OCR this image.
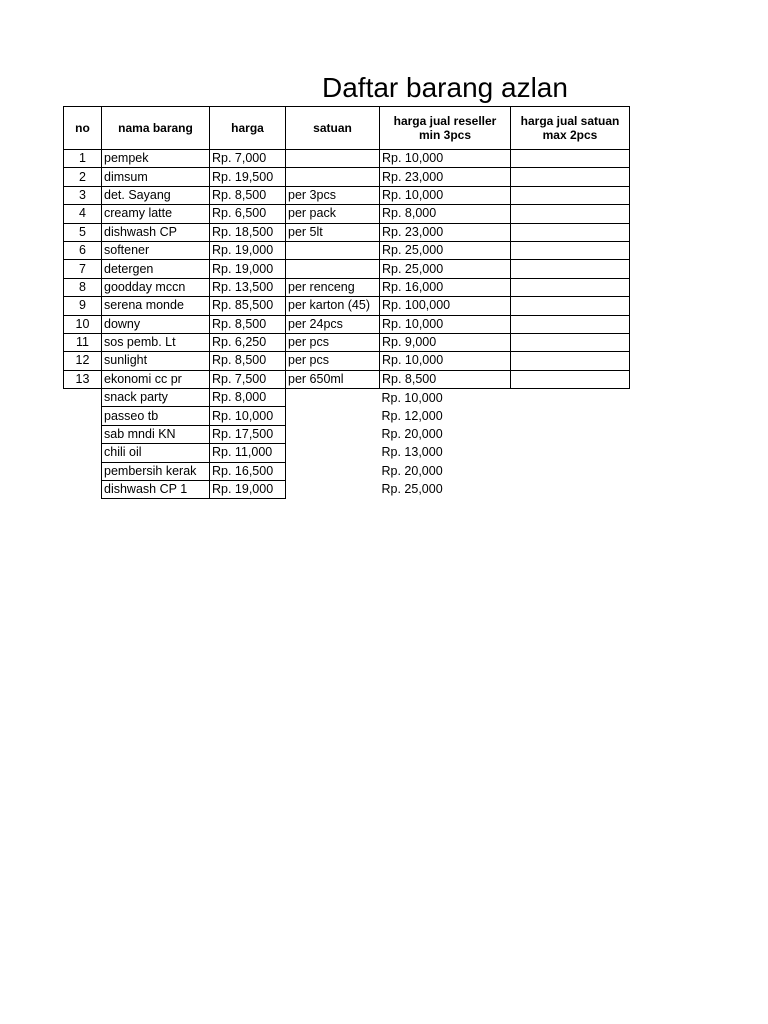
Daftar barang azlan
no	nama barang	harga	satuan	harga jual reseller min 3pcs	harga jual satuan max 2pcs
1	pempek	Rp. 7,000		Rp. 10,000	
2	dimsum	Rp. 19,500		Rp. 23,000	
3	det. Sayang	Rp. 8,500	per 3pcs	Rp. 10,000	
4	creamy latte	Rp. 6,500	per pack	Rp. 8,000	
5	dishwash CP	Rp. 18,500	per 5lt	Rp. 23,000	
6	softener	Rp. 19,000		Rp. 25,000	
7	detergen	Rp. 19,000		Rp. 25,000	
8	goodday mccn	Rp. 13,500	per renceng	Rp. 16,000	
9	serena monde	Rp. 85,500	per karton (45)	Rp. 100,000	
10	downy	Rp. 8,500	per 24pcs	Rp. 10,000	
11	sos pemb. Lt	Rp. 6,250	per pcs	Rp. 9,000	
12	sunlight	Rp. 8,500	per pcs	Rp. 10,000	
13	ekonomi cc pr	Rp. 7,500	per 650ml	Rp. 8,500	
	snack party	Rp. 8,000		Rp. 10,000	
	passeo tb	Rp. 10,000		Rp. 12,000	
	sab mndi KN	Rp. 17,500		Rp. 20,000	
	chili oil	Rp. 11,000		Rp. 13,000	
	pembersih kerak	Rp. 16,500		Rp. 20,000	
	dishwash CP 1	Rp. 19,000		Rp. 25,000	
